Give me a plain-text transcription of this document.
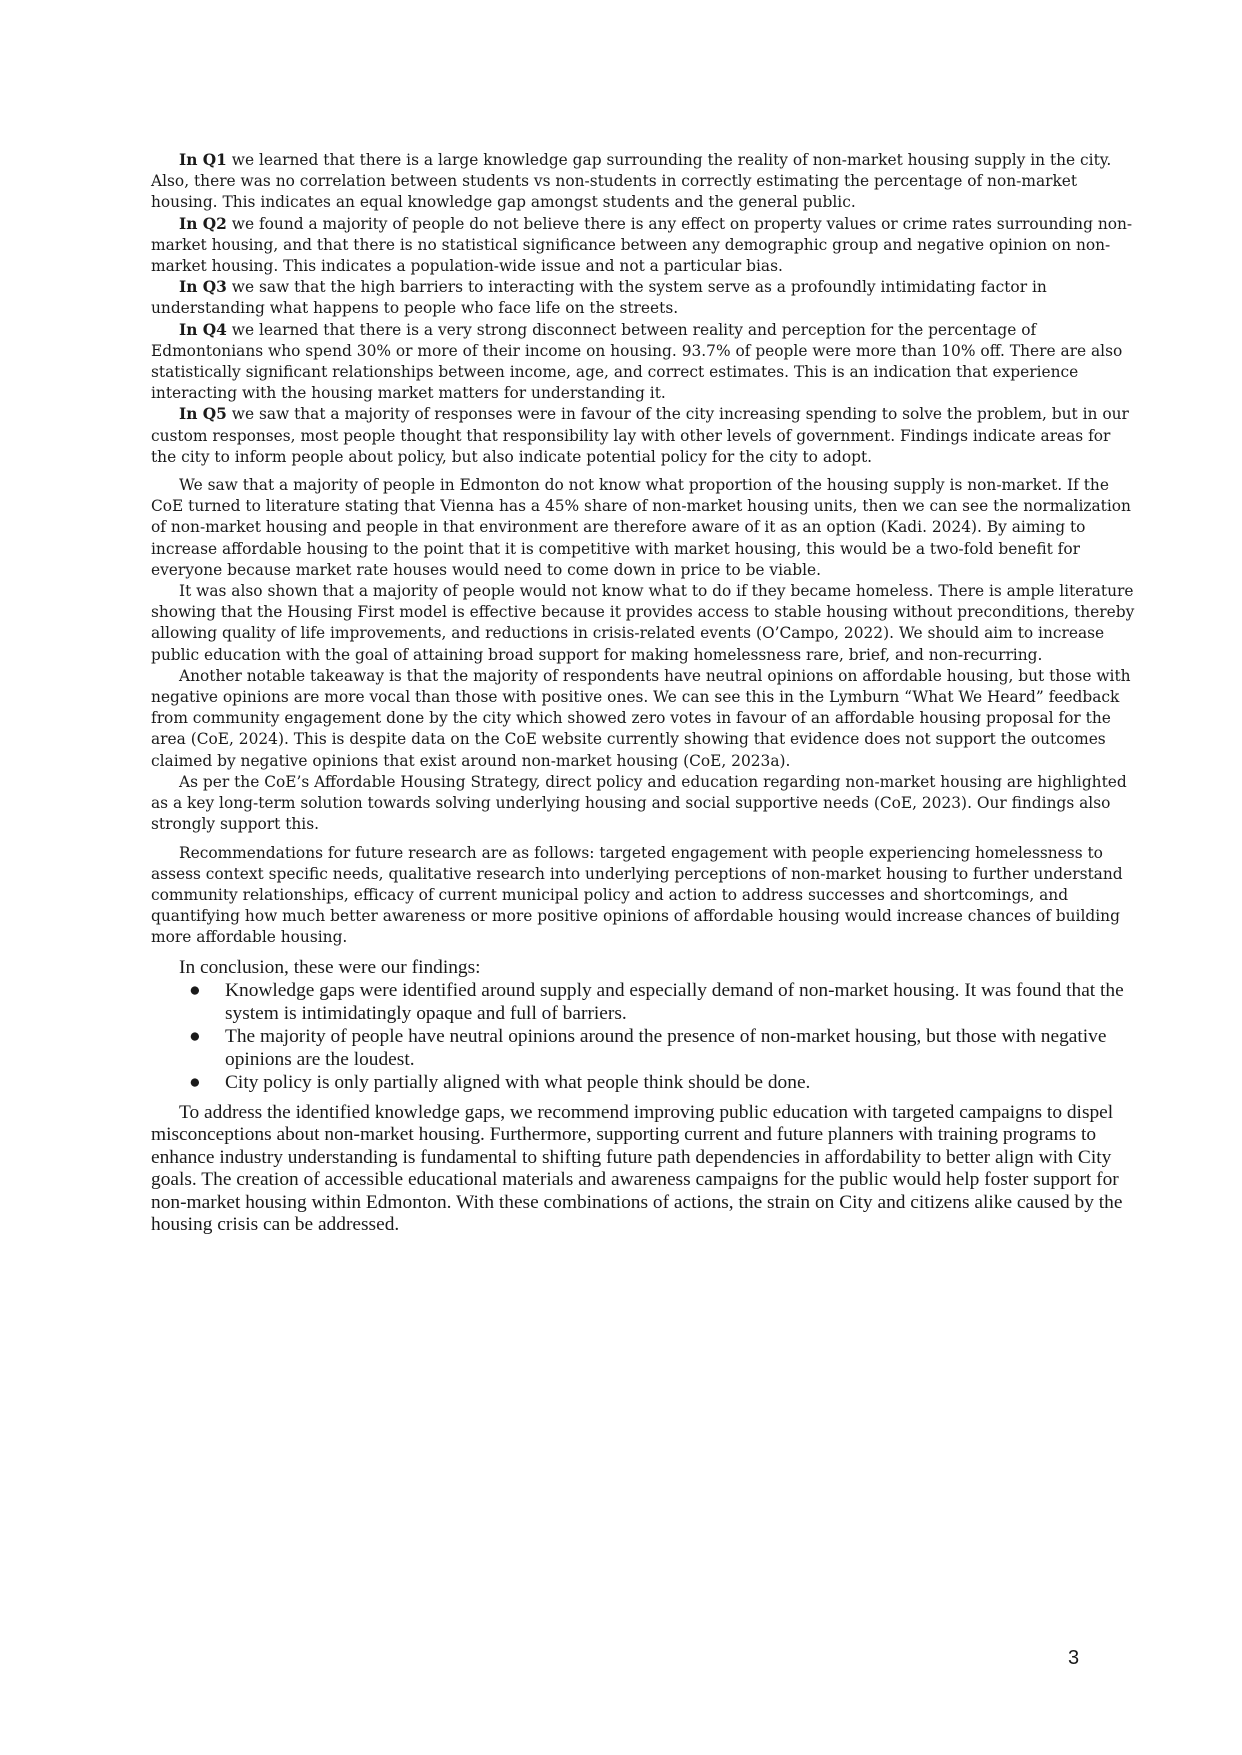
In Q1 we learned that there is a large knowledge gap surrounding the reality of non-market housing supply in the city. Also, there was no correlation between students vs non-students in correctly estimating the percentage of non-market housing. This indicates an equal knowledge gap amongst students and the general public.

In Q2 we found a majority of people do not believe there is any effect on property values or crime rates surrounding non-market housing, and that there is no statistical significance between any demographic group and negative opinion on non-market housing. This indicates a population-wide issue and not a particular bias.

In Q3 we saw that the high barriers to interacting with the system serve as a profoundly intimidating factor in understanding what happens to people who face life on the streets.

In Q4 we learned that there is a very strong disconnect between reality and perception for the percentage of Edmontonians who spend 30% or more of their income on housing. 93.7% of people were more than 10% off. There are also statistically significant relationships between income, age, and correct estimates. This is an indication that experience interacting with the housing market matters for understanding it.

In Q5 we saw that a majority of responses were in favour of the city increasing spending to solve the problem, but in our custom responses, most people thought that responsibility lay with other levels of government. Findings indicate areas for the city to inform people about policy, but also indicate potential policy for the city to adopt.

We saw that a majority of people in Edmonton do not know what proportion of the housing supply is non-market. If the CoE turned to literature stating that Vienna has a 45% share of non-market housing units, then we can see the normalization of non-market housing and people in that environment are therefore aware of it as an option (Kadi. 2024). By aiming to increase affordable housing to the point that it is competitive with market housing, this would be a two-fold benefit for everyone because market rate houses would need to come down in price to be viable.

It was also shown that a majority of people would not know what to do if they became homeless. There is ample literature showing that the Housing First model is effective because it provides access to stable housing without preconditions, thereby allowing quality of life improvements, and reductions in crisis-related events (O’Campo, 2022). We should aim to increase public education with the goal of attaining broad support for making homelessness rare, brief, and non-recurring.

Another notable takeaway is that the majority of respondents have neutral opinions on affordable housing, but those with negative opinions are more vocal than those with positive ones. We can see this in the Lymburn “What We Heard” feedback from community engagement done by the city which showed zero votes in favour of an affordable housing proposal for the area (CoE, 2024). This is despite data on the CoE website currently showing that evidence does not support the outcomes claimed by negative opinions that exist around non-market housing (CoE, 2023a).

As per the CoE’s Affordable Housing Strategy, direct policy and education regarding non-market housing are highlighted as a key long-term solution towards solving underlying housing and social supportive needs (CoE, 2023). Our findings also strongly support this.

Recommendations for future research are as follows: targeted engagement with people experiencing homelessness to assess context specific needs, qualitative research into underlying perceptions of non-market housing to further understand community relationships, efficacy of current municipal policy and action to address successes and shortcomings, and quantifying how much better awareness or more positive opinions of affordable housing would increase chances of building more affordable housing.

In conclusion, these were our findings:

● Knowledge gaps were identified around supply and especially demand of non-market housing. It was found that the system is intimidatingly opaque and full of barriers.
● The majority of people have neutral opinions around the presence of non-market housing, but those with negative opinions are the loudest.
● City policy is only partially aligned with what people think should be done.

To address the identified knowledge gaps, we recommend improving public education with targeted campaigns to dispel misconceptions about non-market housing. Furthermore, supporting current and future planners with training programs to enhance industry understanding is fundamental to shifting future path dependencies in affordability to better align with City goals. The creation of accessible educational materials and awareness campaigns for the public would help foster support for non-market housing within Edmonton. With these combinations of actions, the strain on City and citizens alike caused by the housing crisis can be addressed.

3
